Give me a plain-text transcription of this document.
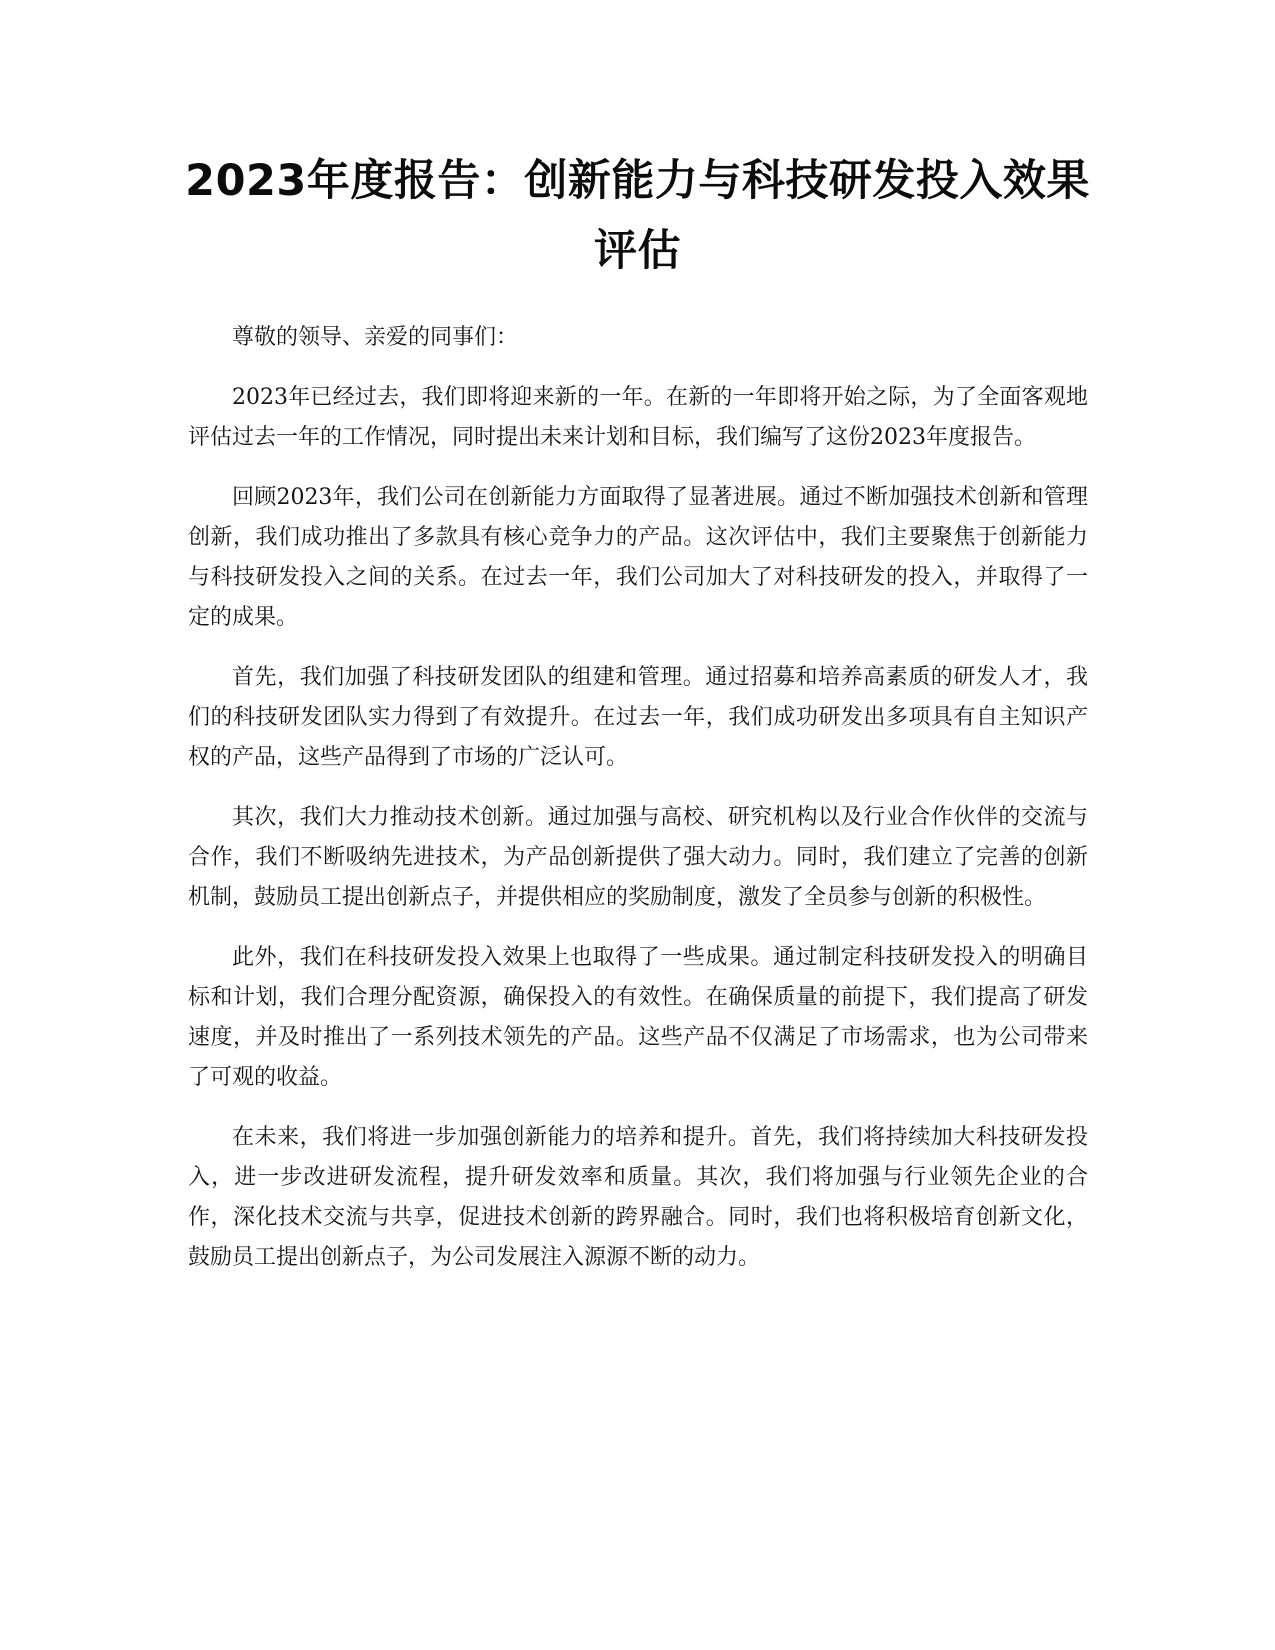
2023年度报告：创新能力与科技研发投入效果评估

尊敬的领导、亲爱的同事们：

2023年已经过去，我们即将迎来新的一年。在新的一年即将开始之际，为了全面客观地评估过去一年的工作情况，同时提出未来计划和目标，我们编写了这份2023年度报告。

回顾2023年，我们公司在创新能力方面取得了显著进展。通过不断加强技术创新和管理创新，我们成功推出了多款具有核心竞争力的产品。这次评估中，我们主要聚焦于创新能力与科技研发投入之间的关系。在过去一年，我们公司加大了对科技研发的投入，并取得了一定的成果。

首先，我们加强了科技研发团队的组建和管理。通过招募和培养高素质的研发人才，我们的科技研发团队实力得到了有效提升。在过去一年，我们成功研发出多项具有自主知识产权的产品，这些产品得到了市场的广泛认可。

其次，我们大力推动技术创新。通过加强与高校、研究机构以及行业合作伙伴的交流与合作，我们不断吸纳先进技术，为产品创新提供了强大动力。同时，我们建立了完善的创新机制，鼓励员工提出创新点子，并提供相应的奖励制度，激发了全员参与创新的积极性。

此外，我们在科技研发投入效果上也取得了一些成果。通过制定科技研发投入的明确目标和计划，我们合理分配资源，确保投入的有效性。在确保质量的前提下，我们提高了研发速度，并及时推出了一系列技术领先的产品。这些产品不仅满足了市场需求，也为公司带来了可观的收益。

在未来，我们将进一步加强创新能力的培养和提升。首先，我们将持续加大科技研发投入，进一步改进研发流程，提升研发效率和质量。其次，我们将加强与行业领先企业的合作，深化技术交流与共享，促进技术创新的跨界融合。同时，我们也将积极培育创新文化，鼓励员工提出创新点子，为公司发展注入源源不断的动力。
